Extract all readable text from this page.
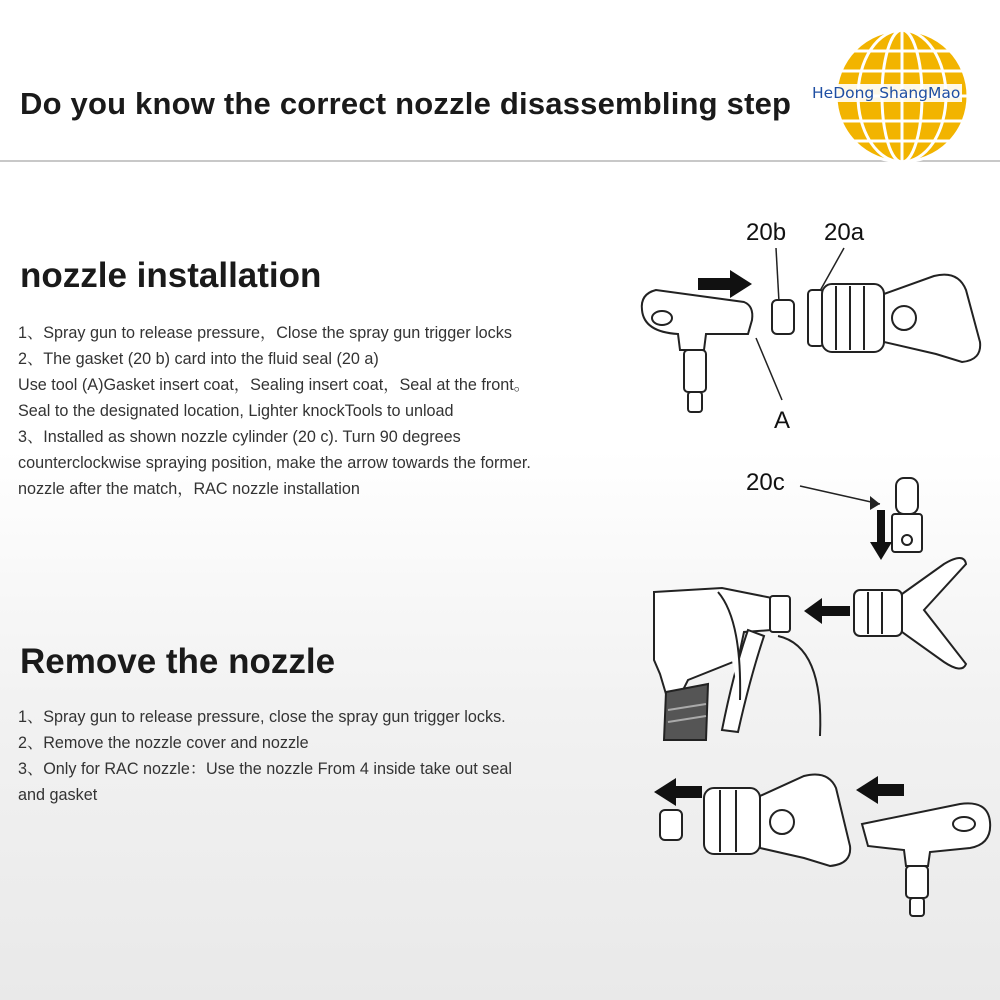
Do you know the correct nozzle disassembling step HeDong ShangMao
nozzle installation
1、Spray gun to release pressure，Close the spray gun trigger locks
2、The gasket (20 b) card into the fluid seal (20 a)
Use tool (A)Gasket insert coat，Sealing insert coat，Seal at the front。
Seal to the designated location, Lighter knockTools to unload
3、Installed as shown nozzle cylinder (20 c). Turn 90 degrees
counterclockwise spraying position, make the arrow towards the former.
nozzle after the match，RAC nozzle installation
Remove the nozzle
1、Spray gun to release pressure, close the spray gun trigger locks.
2、Remove the nozzle cover and nozzle
3、Only for RAC nozzle：Use the nozzle From 4 inside take out seal
and gasket
20b 20a
A
20c
